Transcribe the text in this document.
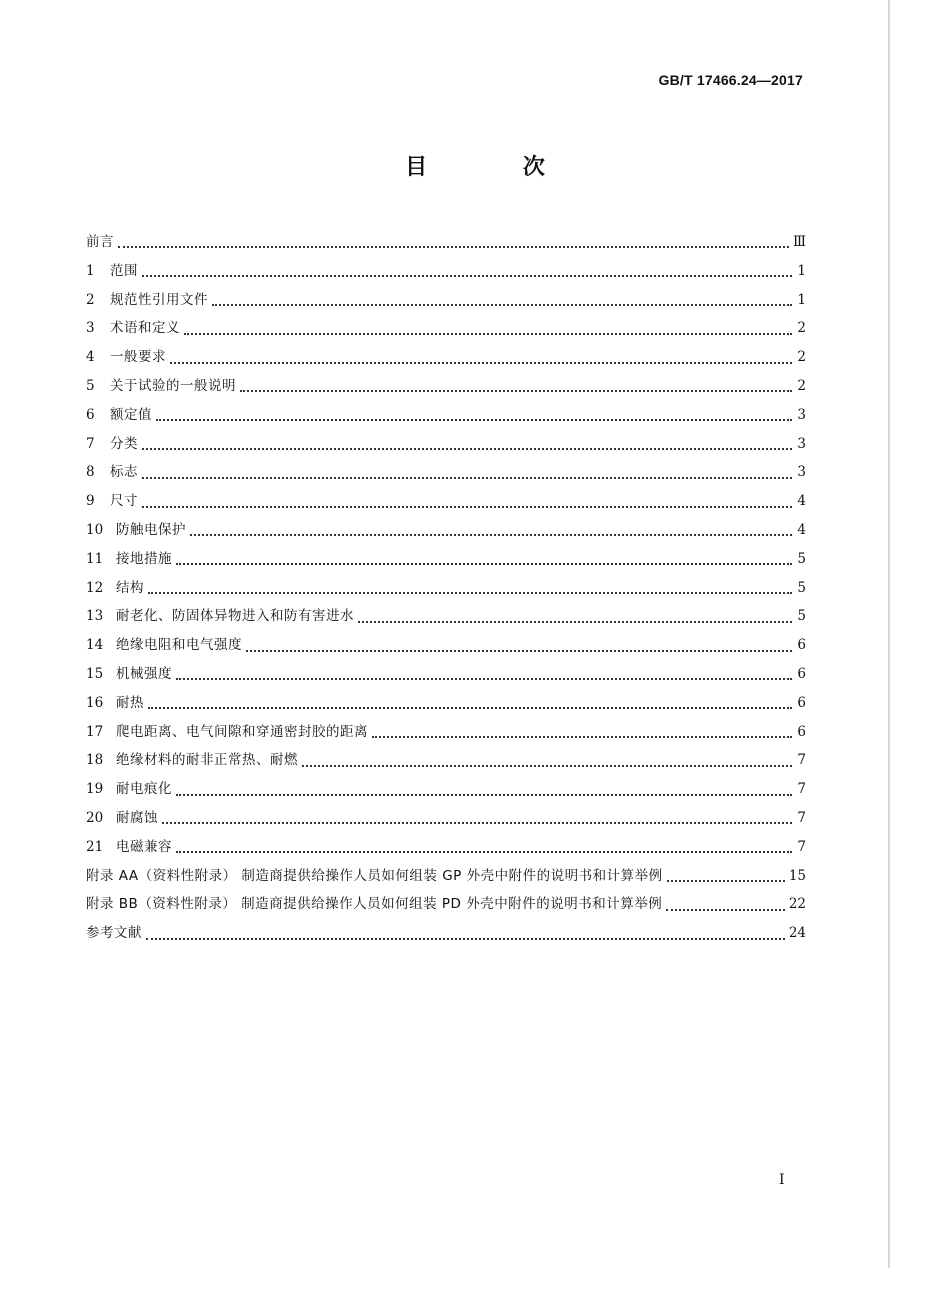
GB/T 17466.24—2017
目 次
前言	Ⅲ
1	范围	1
2	规范性引用文件	1
3	术语和定义	2
4	一般要求	2
5	关于试验的一般说明	2
6	额定值	3
7	分类	3
8	标志	3
9	尺寸	4
10 防触电保护	4
11 接地措施	5
12 结构	5
13 耐老化、防固体异物进入和防有害进水	5
14 绝缘电阻和电气强度	6
15 机械强度	6
16 耐热	6
17 爬电距离、电气间隙和穿通密封胶的距离	6
18 绝缘材料的耐非正常热、耐燃	7
19 耐电痕化	7
20 耐腐蚀	7
21 电磁兼容	7
附录 AA（资料性附录） 制造商提供给操作人员如何组装 GP 外壳中附件的说明书和计算举例	15
附录 BB（资料性附录） 制造商提供给操作人员如何组装 PD 外壳中附件的说明书和计算举例	22
参考文献	24
I
